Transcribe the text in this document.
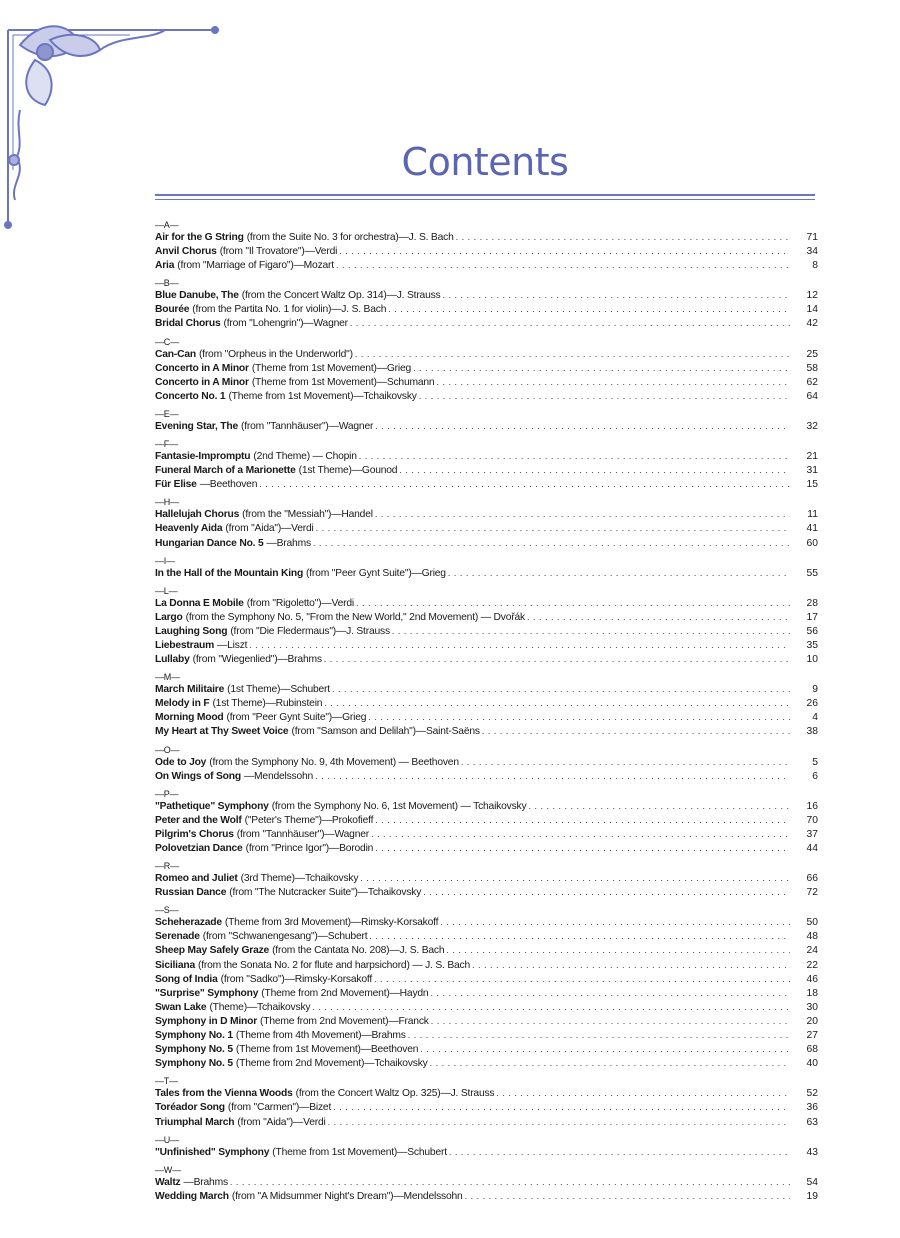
Contents
—A—
Air for the G String (from the Suite No. 3 for orchestra)—J. S. Bach . . .	71
Anvil Chorus (from "Il Trovatore")—Verdi . . .	34
Aria (from "Marriage of Figaro")—Mozart . . .	8
—B—
Blue Danube, The (from the Concert Waltz Op. 314)—J. Strauss . . .	12
Bourée (from the Partita No. 1 for violin)—J. S. Bach . . .	14
Bridal Chorus (from "Lohengrin")—Wagner . . .	42
—C—
Can-Can (from "Orpheus in the Underworld") . . .	25
Concerto in A Minor (Theme from 1st Movement)—Grieg . . .	58
Concerto in A Minor (Theme from 1st Movement)—Schumann . . .	62
Concerto No. 1 (Theme from 1st Movement)—Tchaikovsky . . .	64
—E—
Evening Star, The (from "Tannhäuser")—Wagner . . .	32
—F—
Fantasie-Impromptu (2nd Theme) — Chopin . . .	21
Funeral March of a Marionette (1st Theme)—Gounod . . .	31
Für Elise —Beethoven . . .	15
—H—
Hallelujah Chorus (from the "Messiah")—Handel . . .	11
Heavenly Aida (from "Aida")—Verdi . . .	41
Hungarian Dance No. 5 —Brahms . . .	60
—I—
In the Hall of the Mountain King (from "Peer Gynt Suite")—Grieg . . .	55
—L—
La Donna E Mobile (from "Rigoletto")—Verdi . . .	28
Largo (from the Symphony No. 5, "From the New World," 2nd Movement) — Dvořák . . .	17
Laughing Song (from "Die Fledermaus")—J. Strauss . . .	56
Liebestraum —Liszt . . .	35
Lullaby (from "Wiegenlied")—Brahms . . .	10
—M—
March Militaire (1st Theme)—Schubert . . .	9
Melody in F (1st Theme)—Rubinstein . . .	26
Morning Mood (from "Peer Gynt Suite")—Grieg . . .	4
My Heart at Thy Sweet Voice (from "Samson and Delilah")—Saint-Saëns . . .	38
—O—
Ode to Joy (from the Symphony No. 9, 4th Movement) — Beethoven . . .	5
On Wings of Song —Mendelssohn . . .	6
—P—
"Pathetique" Symphony (from the Symphony No. 6, 1st Movement) — Tchaikovsky . . .	16
Peter and the Wolf ("Peter's Theme")—Prokofieff . . .	70
Pilgrim's Chorus (from "Tannhäuser")—Wagner . . .	37
Polovetzian Dance (from "Prince Igor")—Borodin . . .	44
—R—
Romeo and Juliet (3rd Theme)—Tchaikovsky . . .	66
Russian Dance (from "The Nutcracker Suite")—Tchaikovsky . . .	72
—S—
Scheherazade (Theme from 3rd Movement)—Rimsky-Korsakoff . . .	50
Serenade (from "Schwanengesang")—Schubert . . .	48
Sheep May Safely Graze (from the Cantata No. 208)—J. S. Bach . . .	24
Siciliana (from the Sonata No. 2 for flute and harpsichord) — J. S. Bach . . .	22
Song of India (from "Sadko")—Rimsky-Korsakoff . . .	46
"Surprise" Symphony (Theme from 2nd Movement)—Haydn . . .	18
Swan Lake (Theme)—Tchaikovsky . . .	30
Symphony in D Minor (Theme from 2nd Movement)—Franck . . .	20
Symphony No. 1 (Theme from 4th Movement)—Brahms . . .	27
Symphony No. 5 (Theme from 1st Movement)—Beethoven . . .	68
Symphony No. 5 (Theme from 2nd Movement)—Tchaikovsky . . .	40
—T—
Tales from the Vienna Woods (from the Concert Waltz Op. 325)—J. Strauss . . .	52
Toréador Song (from "Carmen")—Bizet . . .	36
Triumphal March (from "Aida")—Verdi . . .	63
—U—
"Unfinished" Symphony (Theme from 1st Movement)—Schubert . . .	43
—W—
Waltz —Brahms . . .	54
Wedding March (from "A Midsummer Night's Dream")—Mendelssohn . . .	19
